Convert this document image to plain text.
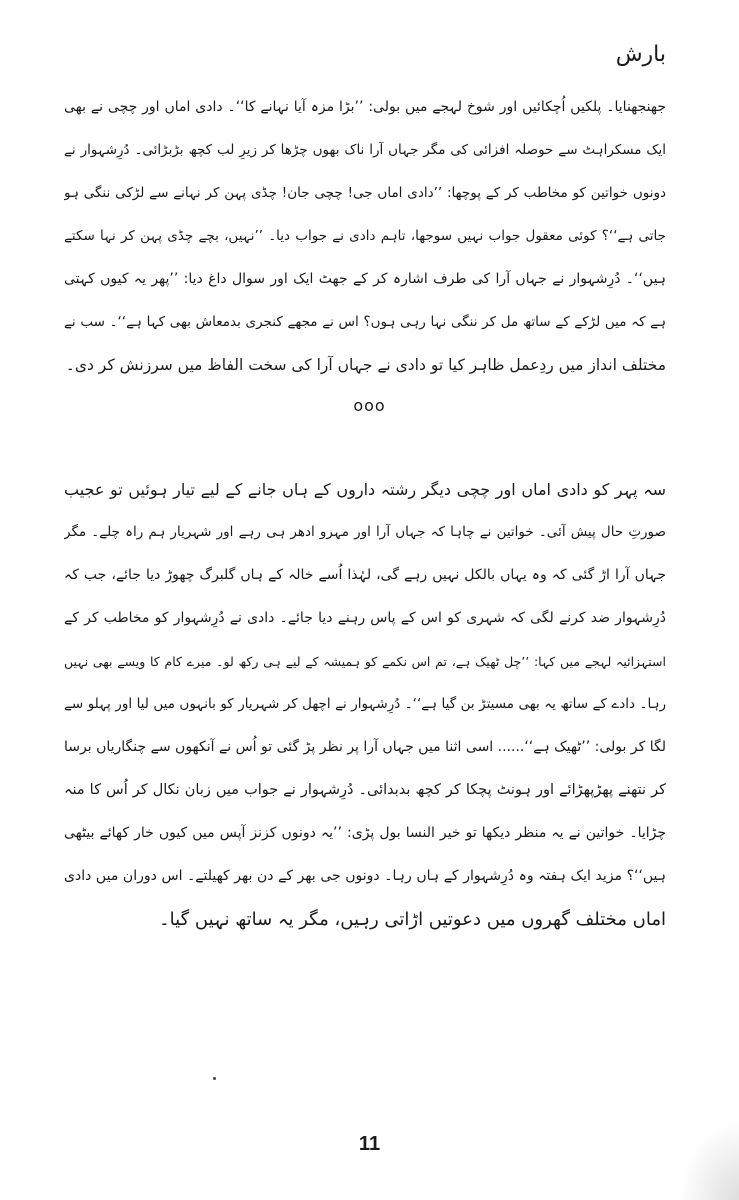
بارش
جھنجھنایا۔ پلکیں اُچکائیں اور شوخ لہجے میں بولی: ’’بڑا مزہ آیا نہانے کا‘‘۔ دادی اماں اور چچی نے بھی
ایک مسکراہٹ سے حوصلہ افزائی کی مگر جہاں آرا ناک بھوں چڑھا کر زیرِ لب کچھ بڑبڑائی۔ دُرِشہوار نے
دونوں خواتین کو مخاطب کر کے پوچھا: ’’دادی اماں جی! چچی جان! چڈی پہن کر نہانے سے لڑکی ننگی ہو
جاتی ہے‘‘؟ کوئی معقول جواب نہیں سوجھا، تاہم دادی نے جواب دیا۔ ’’نہیں، بچے چڈی پہن کر نہا سکتے
ہیں‘‘۔ دُرِشہوار نے جہاں آرا کی طرف اشارہ کر کے جھٹ ایک اور سوال داغ دیا: ’’پھر یہ کیوں کہتی
ہے کہ میں لڑکے کے ساتھ مل کر ننگی نہا رہی ہوں؟ اس نے مجھے کنجری بدمعاش بھی کہا ہے‘‘۔ سب نے
مختلف انداز میں ردِعمل ظاہر کیا تو دادی نے جہاں آرا کی سخت الفاظ میں سرزنش کر دی۔
ooo
سہ پہر کو دادی اماں اور چچی دیگر رشتہ داروں کے ہاں جانے کے لیے تیار ہوئیں تو عجیب
صورتِ حال پیش آئی۔ خواتین نے چاہا کہ جہاں آرا اور مہرو ادھر ہی رہے اور شہریار ہم راہ چلے۔ مگر
جہاں آرا اڑ گئی کہ وہ یہاں بالکل نہیں رہے گی، لہٰذا اُسے خالہ کے ہاں گلبرگ چھوڑ دیا جائے، جب کہ
دُرِشہوار ضد کرنے لگی کہ شہری کو اس کے پاس رہنے دیا جائے۔ دادی نے دُرِشہوار کو مخاطب کر کے
استہزائیہ لہجے میں کہا: ’’چل ٹھیک ہے، تم اس نکمے کو ہمیشہ کے لیے ہی رکھ لو۔ میرے کام کا ویسے بھی نہیں
رہا۔ دادے کے ساتھ یہ بھی مسیتڑ بن گیا ہے‘‘۔ دُرِشہوار نے اچھل کر شہریار کو بانہوں میں لیا اور پہلو سے
لگا کر بولی: ’’ٹھیک ہے‘‘...... اسی اثنا میں جہاں آرا پر نظر پڑ گئی تو اُس نے آنکھوں سے چنگاریاں برسا
کر نتھنے پھڑپھڑائے اور ہونٹ پچکا کر کچھ بدبدائی۔ دُرِشہوار نے جواب میں زبان نکال کر اُس کا منہ
چڑایا۔ خواتین نے یہ منظر دیکھا تو خیر النسا بول پڑی: ’’یہ دونوں کزنز آپس میں کیوں خار کھائے بیٹھی
ہیں‘‘؟ مزید ایک ہفتہ وہ دُرِشہوار کے ہاں رہا۔ دونوں جی بھر کے دن بھر کھیلتے۔ اس دوران میں دادی
اماں مختلف گھروں میں دعوتیں اڑاتی رہیں، مگر یہ ساتھ نہیں گیا۔
11
